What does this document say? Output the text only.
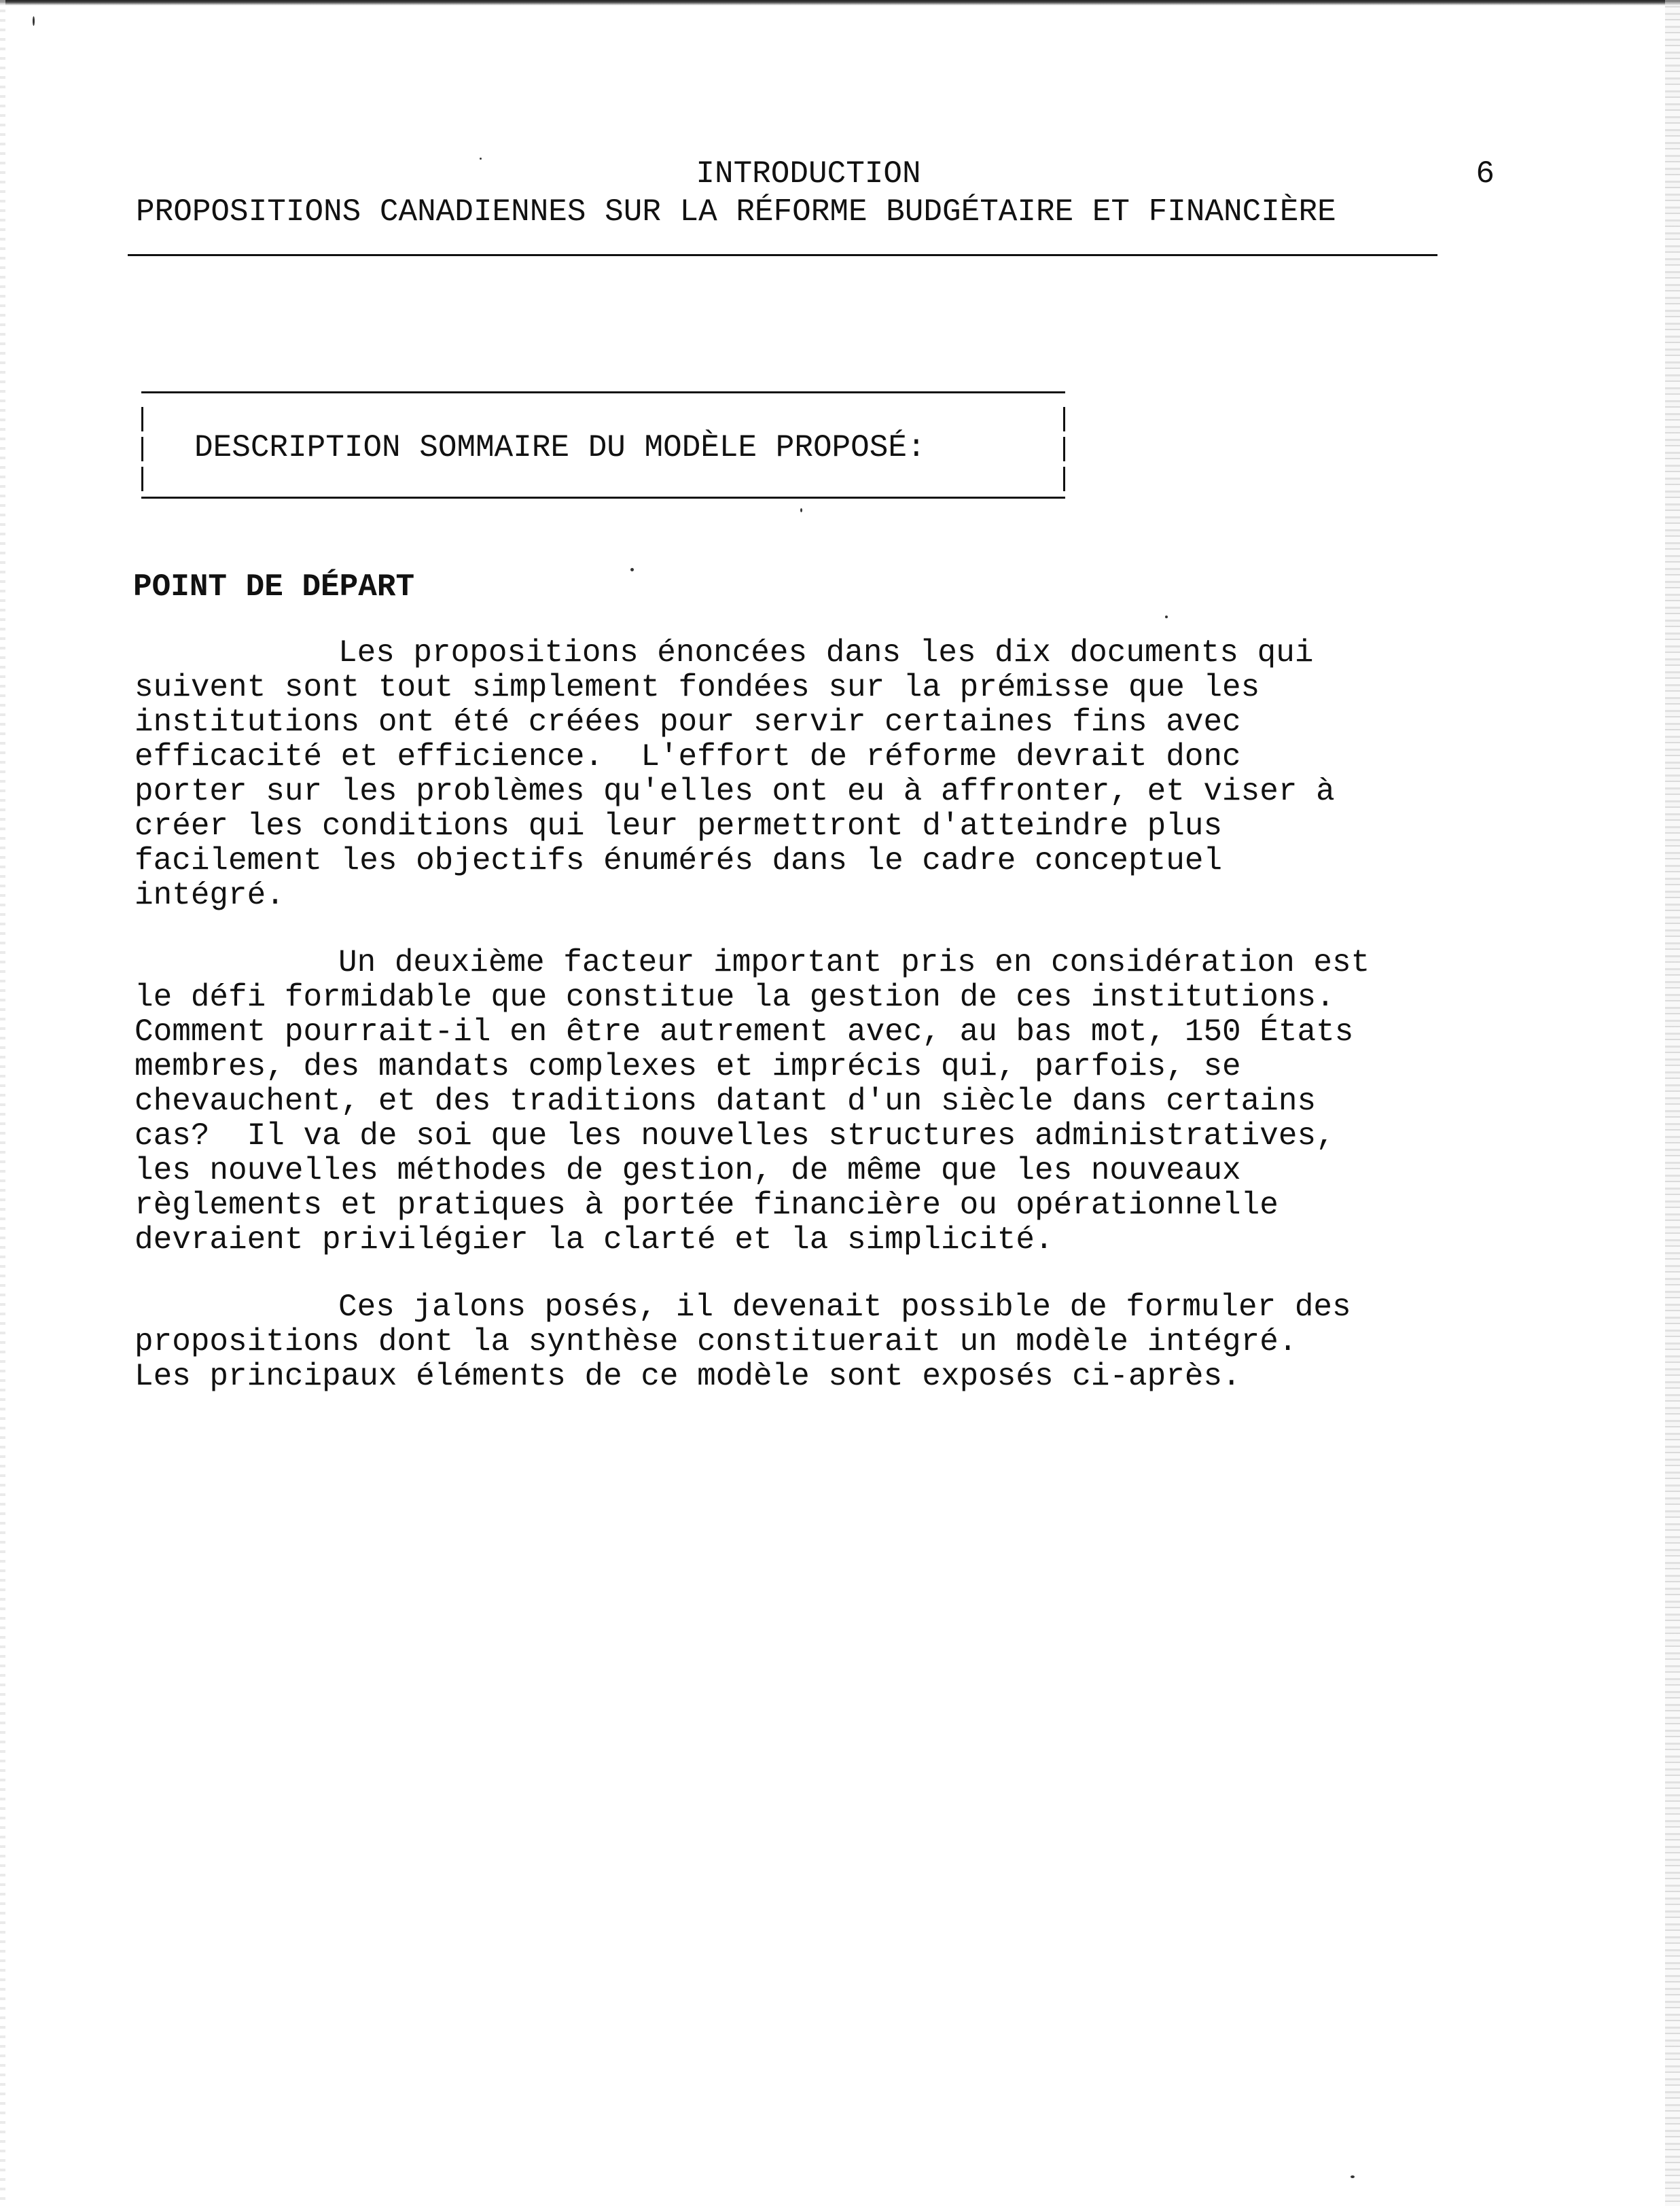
INTRODUCTION	6
PROPOSITIONS CANADIENNES SUR LA RÉFORME BUDGÉTAIRE ET FINANCIÈRE
DESCRIPTION SOMMAIRE DU MODÈLE PROPOSÉ:
POINT DE DÉPART
Les propositions énoncées dans les dix documents qui
suivent sont tout simplement fondées sur la prémisse que les
institutions ont été créées pour servir certaines fins avec
efficacité et efficience.  L'effort de réforme devrait donc
porter sur les problèmes qu'elles ont eu à affronter, et viser à
créer les conditions qui leur permettront d'atteindre plus
facilement les objectifs énumérés dans le cadre conceptuel
intégré.
Un deuxième facteur important pris en considération est
le défi formidable que constitue la gestion de ces institutions.
Comment pourrait-il en être autrement avec, au bas mot, 150 États
membres, des mandats complexes et imprécis qui, parfois, se
chevauchent, et des traditions datant d'un siècle dans certains
cas?  Il va de soi que les nouvelles structures administratives,
les nouvelles méthodes de gestion, de même que les nouveaux
règlements et pratiques à portée financière ou opérationnelle
devraient privilégier la clarté et la simplicité.
Ces jalons posés, il devenait possible de formuler des
propositions dont la synthèse constituerait un modèle intégré.
Les principaux éléments de ce modèle sont exposés ci-après.
